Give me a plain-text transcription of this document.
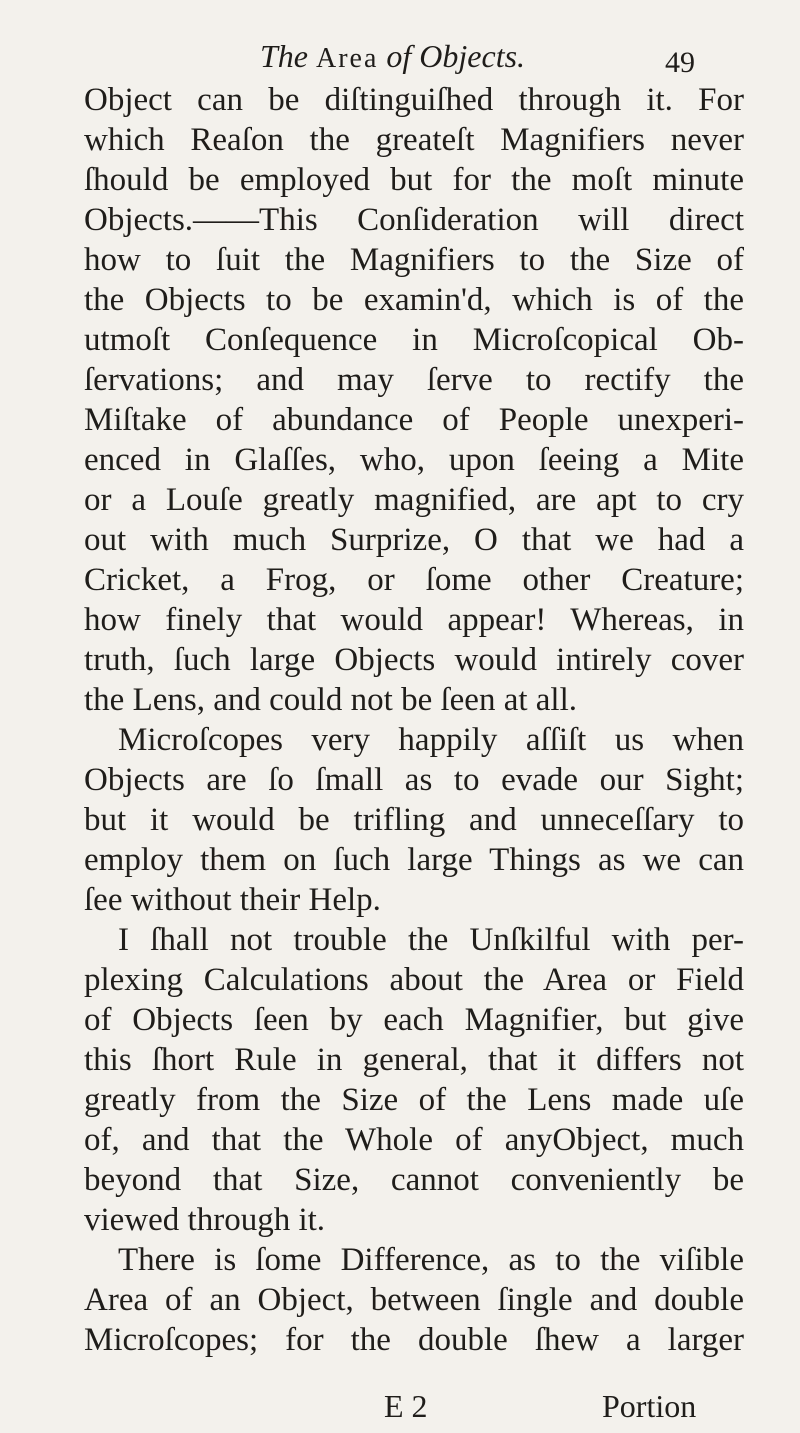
The Area of Objects.	49
Object can be diſtinguiſhed through it. For
which Reaſon the greateſt Magnifiers never
ſhould be employed but for the moſt minute
Objects.——This Conſideration will direct
how to ſuit the Magnifiers to the Size of
the Objects to be examin'd, which is of the
utmoſt Conſequence in Microſcopical Ob-
ſervations; and may ſerve to rectify the
Miſtake of abundance of People unexperi-
enced in Glaſſes, who, upon ſeeing a Mite
or a Louſe greatly magnified, are apt to cry
out with much Surprize, O that we had a
Cricket, a Frog, or ſome other Creature;
how finely that would appear! Whereas, in
truth, ſuch large Objects would intirely cover
the Lens, and could not be ſeen at all.
Microſcopes very happily aſſiſt us when
Objects are ſo ſmall as to evade our Sight;
but it would be trifling and unneceſſary to
employ them on ſuch large Things as we can
ſee without their Help.
I ſhall not trouble the Unſkilful with per-
plexing Calculations about the Area or Field
of Objects ſeen by each Magnifier, but give
this ſhort Rule in general, that it differs not
greatly from the Size of the Lens made uſe
of, and that the Whole of anyObject, much
beyond that Size, cannot conveniently be
viewed through it.
There is ſome Difference, as to the viſible
Area of an Object, between ſingle and double
Microſcopes; for the double ſhew a larger
E 2	Portion
